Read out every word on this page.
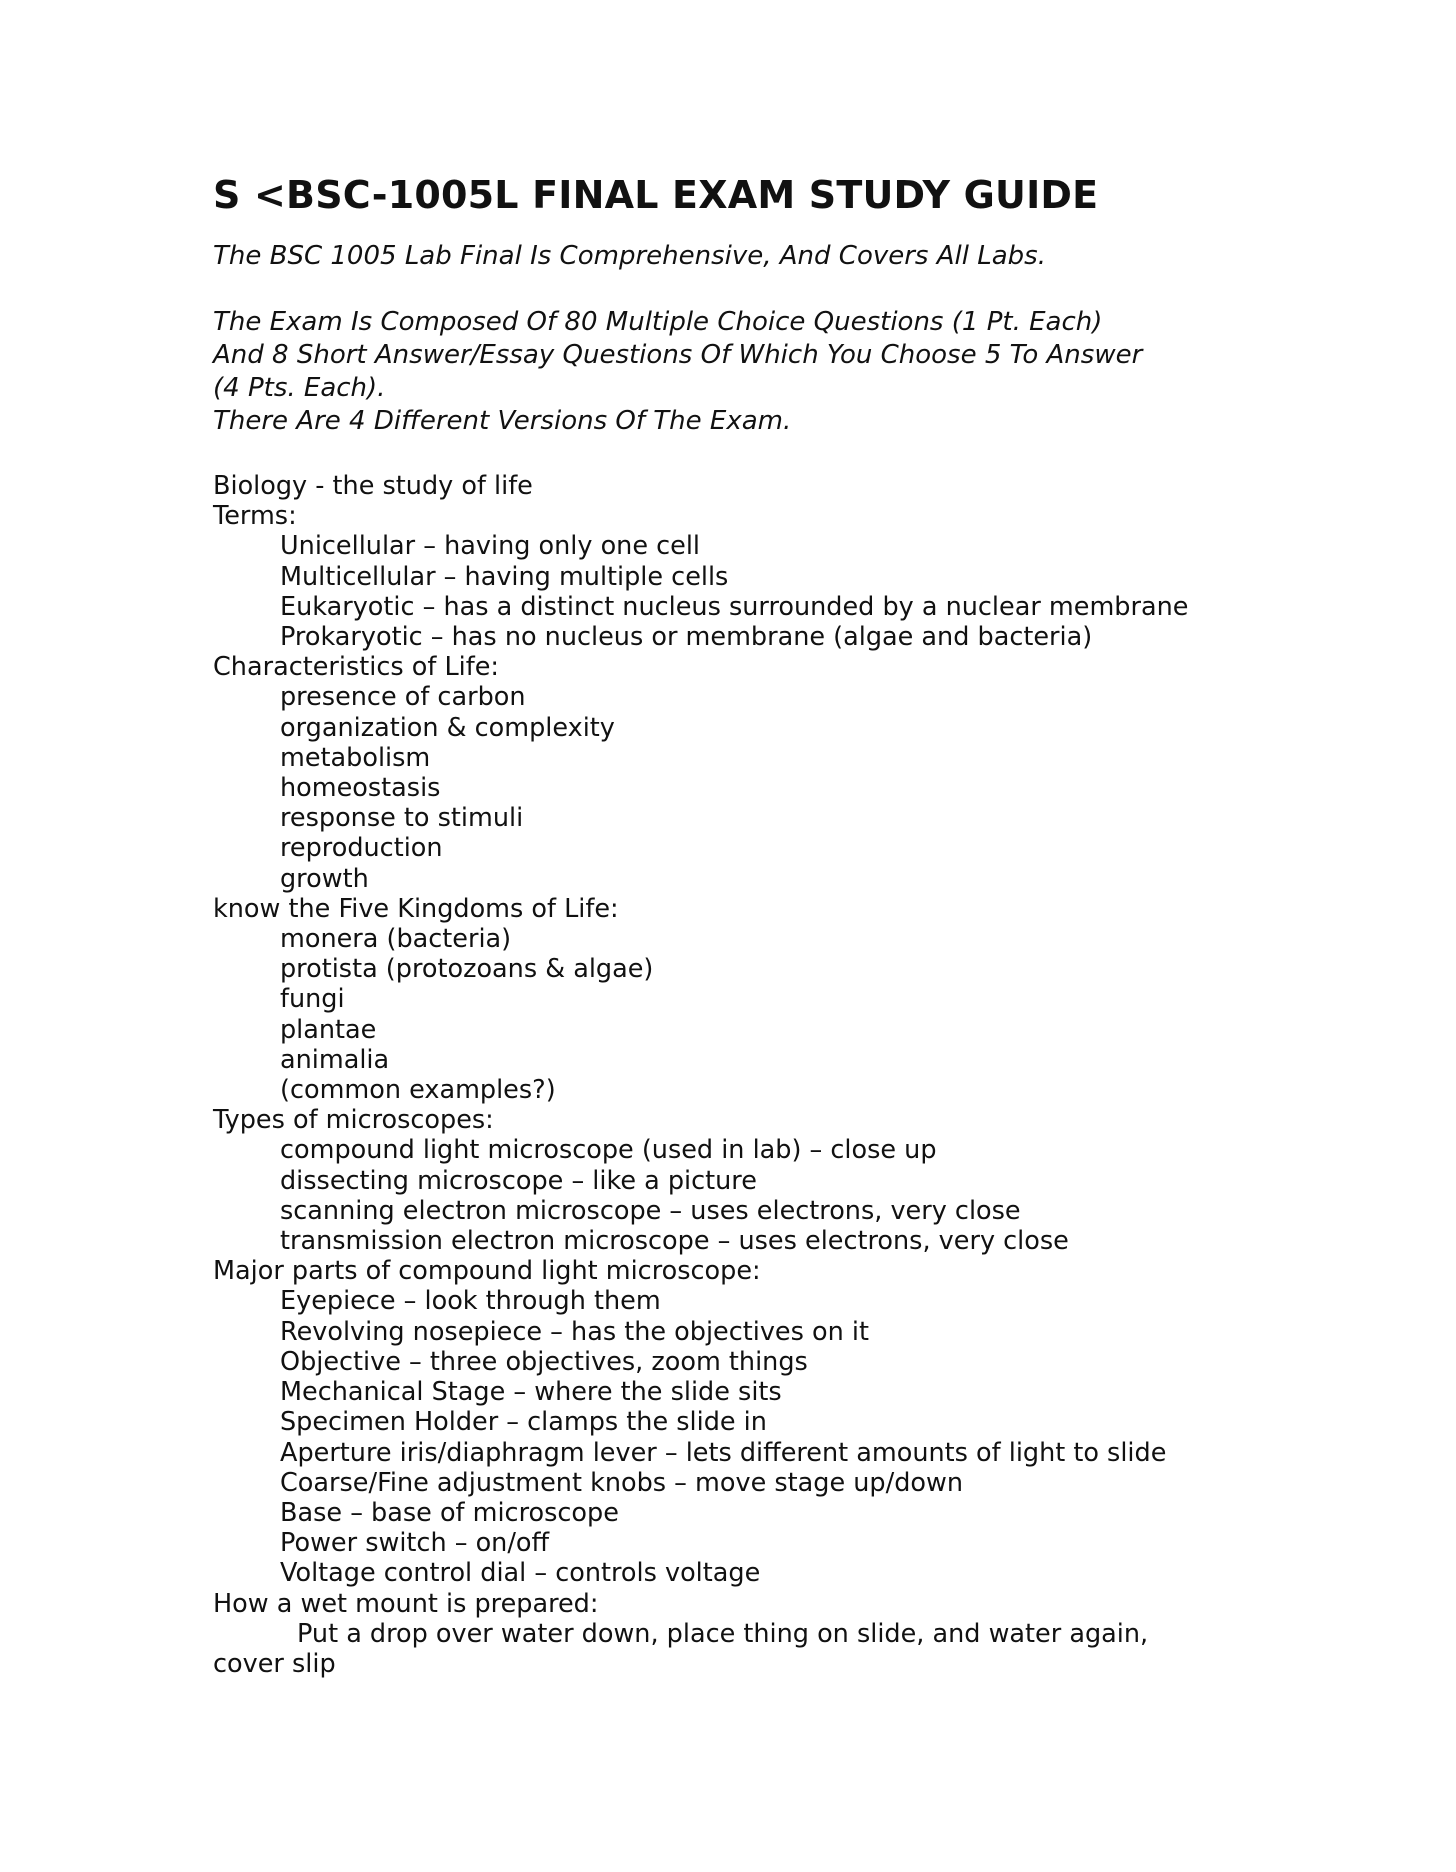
S <BSC-1005L FINAL EXAM STUDY GUIDE

The BSC 1005 Lab Final Is Comprehensive, And Covers All Labs.

The Exam Is Composed Of 80 Multiple Choice Questions (1 Pt. Each)

And 8 Short Answer/Essay Questions Of Which You Choose 5 To Answer

(4 Pts. Each).

There Are 4 Different Versions Of The Exam.

Biology - the study of life

Terms:

Unicellular – having only one cell

Multicellular – having multiple cells

Eukaryotic – has a distinct nucleus surrounded by a nuclear membrane

Prokaryotic – has no nucleus or membrane (algae and bacteria)

Characteristics of Life:

presence of carbon

organization & complexity

metabolism

homeostasis

response to stimuli

reproduction

growth

know the Five Kingdoms of Life:

monera (bacteria)

protista (protozoans & algae)

fungi

plantae

animalia

(common examples?)

Types of microscopes:

compound light microscope (used in lab) – close up

dissecting microscope – like a picture

scanning electron microscope – uses electrons, very close

transmission electron microscope – uses electrons, very close

Major parts of compound light microscope:

Eyepiece – look through them

Revolving nosepiece – has the objectives on it

Objective – three objectives, zoom things

Mechanical Stage – where the slide sits

Specimen Holder – clamps the slide in

Aperture iris/diaphragm lever – lets different amounts of light to slide

Coarse/Fine adjustment knobs – move stage up/down

Base – base of microscope

Power switch – on/off

Voltage control dial – controls voltage

How a wet mount is prepared:

Put a drop over water down, place thing on slide, and water again,

cover slip
